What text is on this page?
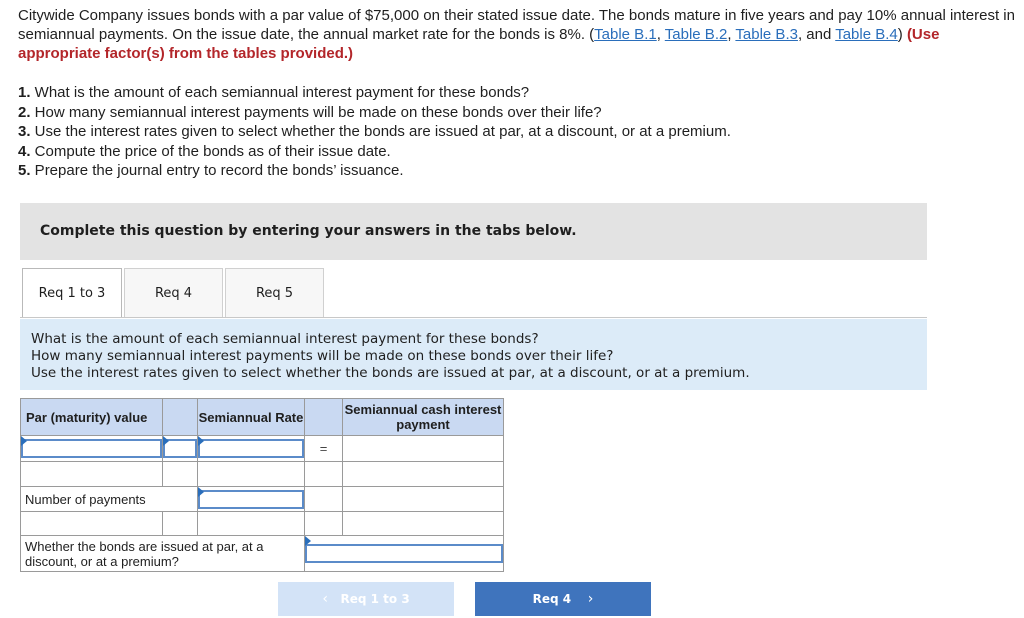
Citywide Company issues bonds with a par value of $75,000 on their stated issue date. The bonds mature in five years and pay 10% annual interest in semiannual payments. On the issue date, the annual market rate for the bonds is 8%. (Table B.1, Table B.2, Table B.3, and Table B.4) (Use appropriate factor(s) from the tables provided.)
1. What is the amount of each semiannual interest payment for these bonds?
2. How many semiannual interest payments will be made on these bonds over their life?
3. Use the interest rates given to select whether the bonds are issued at par, at a discount, or at a premium.
4. Compute the price of the bonds as of their issue date.
5. Prepare the journal entry to record the bonds’ issuance.
Complete this question by entering your answers in the tabs below.
Req 1 to 3	Req 4	Req 5
What is the amount of each semiannual interest payment for these bonds?
How many semiannual interest payments will be made on these bonds over their life?
Use the interest rates given to select whether the bonds are issued at par, at a discount, or at a premium.
Par (maturity) value		Semiannual Rate		Semiannual cash interest payment
			=	

Number of payments			

Whether the bonds are issued at par, at a discount, or at a premium?	
‹ Req 1 to 3	Req 4 ›
